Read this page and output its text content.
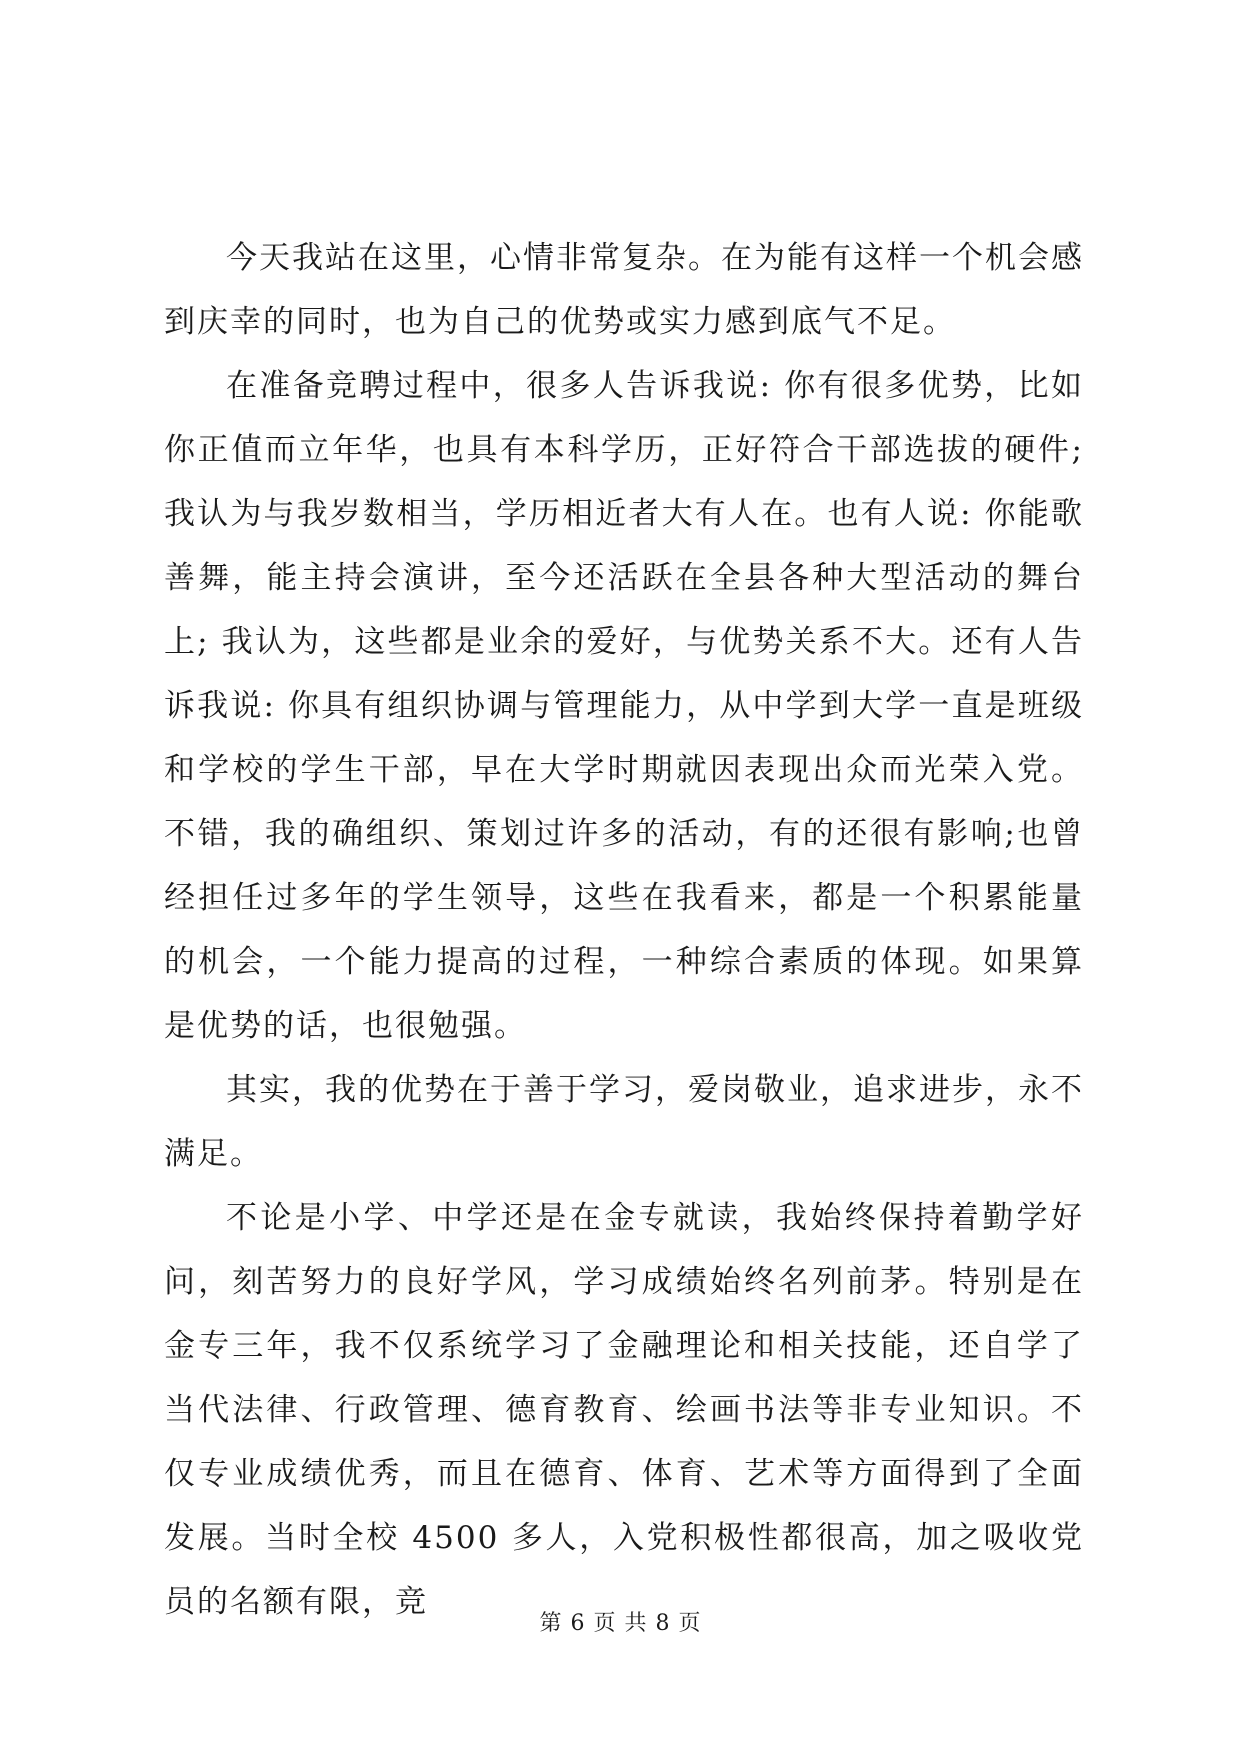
今天我站在这里，心情非常复杂。在为能有这样一个机会感到庆幸的同时，也为自己的优势或实力感到底气不足。

在准备竞聘过程中，很多人告诉我说: 你有很多优势，比如你正值而立年华，也具有本科学历，正好符合干部选拔的硬件; 我认为与我岁数相当，学历相近者大有人在。也有人说: 你能歌善舞，能主持会演讲，至今还活跃在全县各种大型活动的舞台上; 我认为，这些都是业余的爱好，与优势关系不大。还有人告诉我说: 你具有组织协调与管理能力，从中学到大学一直是班级和学校的学生干部，早在大学时期就因表现出众而光荣入党。不错，我的确组织、策划过许多的活动，有的还很有影响;也曾经担任过多年的学生领导，这些在我看来，都是一个积累能量的机会，一个能力提高的过程，一种综合素质的体现。如果算是优势的话，也很勉强。

其实，我的优势在于善于学习，爱岗敬业，追求进步，永不满足。

不论是小学、中学还是在金专就读，我始终保持着勤学好问，刻苦努力的良好学风，学习成绩始终名列前茅。特别是在金专三年，我不仅系统学习了金融理论和相关技能，还自学了当代法律、行政管理、德育教育、绘画书法等非专业知识。不仅专业成绩优秀，而且在德育、体育、艺术等方面得到了全面发展。当时全校 4500 多人，入党积极性都很高，加之吸收党员的名额有限，竞

第 6 页 共 8 页
